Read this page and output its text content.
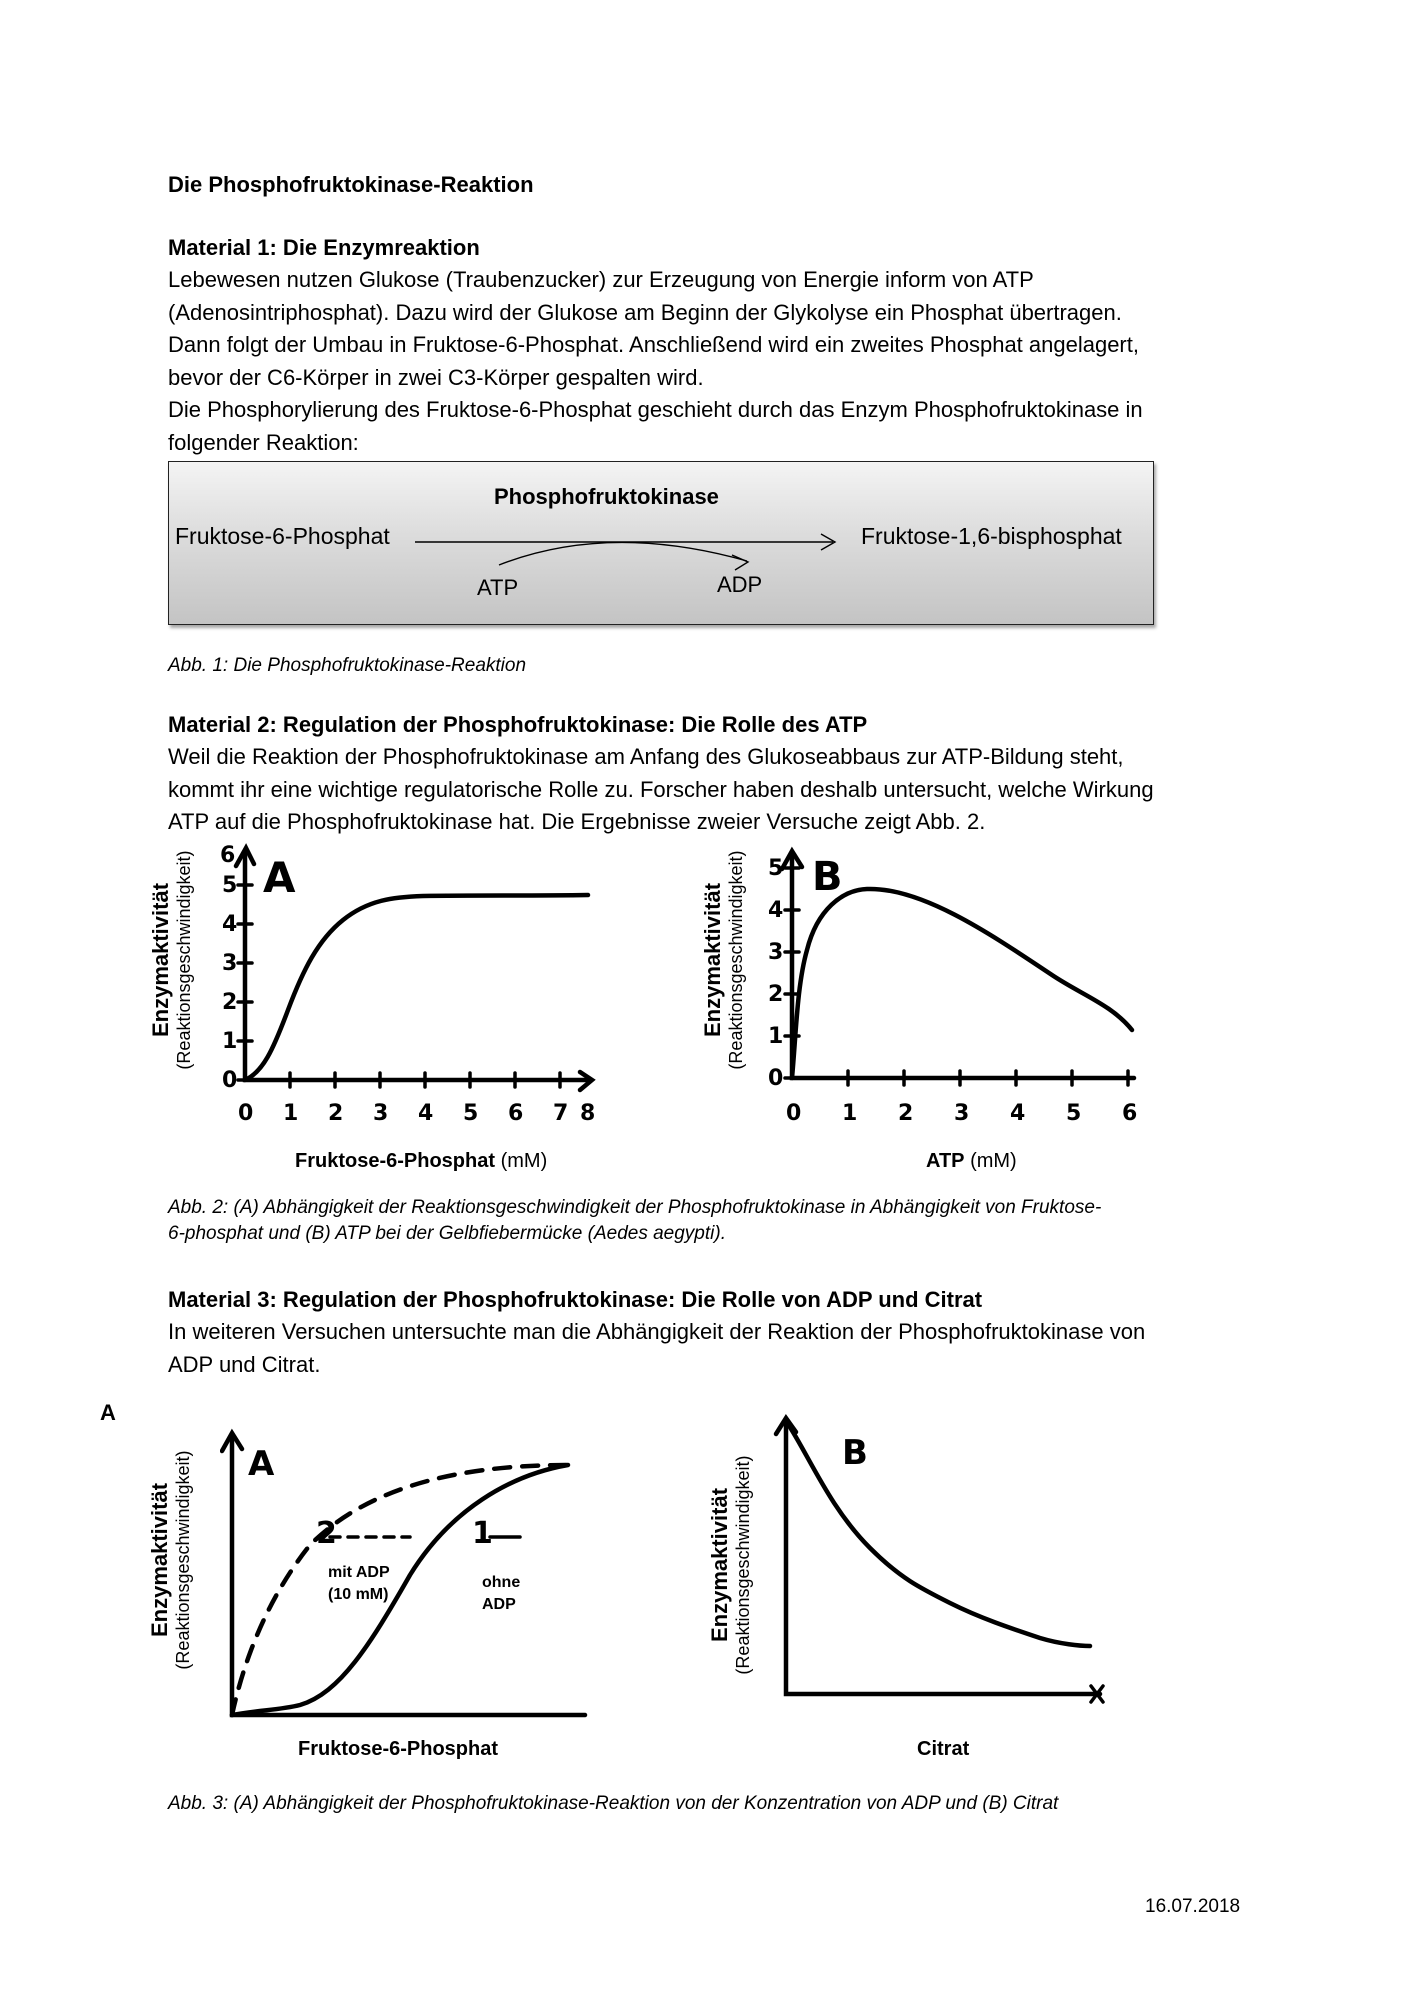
Die Phosphofruktokinase-Reaktion
Material 1: Die Enzymreaktion
Lebewesen nutzen Glukose (Traubenzucker) zur Erzeugung von Energie inform von ATP
(Adenosintriphosphat). Dazu wird der Glukose am Beginn der Glykolyse ein Phosphat übertragen.
Dann folgt der Umbau in Fruktose-6-Phosphat. Anschließend wird ein zweites Phosphat angelagert,
bevor der C6-Körper in zwei C3-Körper gespalten wird.
Die Phosphorylierung des Fruktose-6-Phosphat geschieht durch das Enzym Phosphofruktokinase in
folgender Reaktion:
Phosphofruktokinase
Fruktose-6-Phosphat	Fruktose-1,6-bisphosphat
ATP	ADP
Abb. 1: Die Phosphofruktokinase-Reaktion
Material 2: Regulation der Phosphofruktokinase: Die Rolle des ATP
Weil die Reaktion der Phosphofruktokinase am Anfang des Glukoseabbaus zur ATP-Bildung steht,
kommt ihr eine wichtige regulatorische Rolle zu. Forscher haben deshalb untersucht, welche Wirkung
ATP auf die Phosphofruktokinase hat. Die Ergebnisse zweier Versuche zeigt Abb. 2.
Enzymaktivität (Reaktionsgeschwindigkeit)
0
1
2
3
4
5
6
0 1 2 3 4 5 6 7 8
A
Fruktose-6-Phosphat (mM)
Enzymaktivität (Reaktionsgeschwindigkeit)
0
1
2
3
4
5
0 1 2 3 4 5 6
B
ATP (mM)
Abb. 2: (A) Abhängigkeit der Reaktionsgeschwindigkeit der Phosphofruktokinase in Abhängigkeit von Fruktose-
6-phosphat und (B) ATP bei der Gelbfiebermücke (Aedes aegypti).
Material 3: Regulation der Phosphofruktokinase: Die Rolle von ADP und Citrat
In weiteren Versuchen untersuchte man die Abhängigkeit der Reaktion der Phosphofruktokinase von
ADP und Citrat.
A
Enzymaktivität (Reaktionsgeschwindigkeit) A
2	1
mit ADP
(10 mM)
ohne
ADP
Fruktose-6-Phosphat
Enzymaktivität (Reaktionsgeschwindigkeit)
B
Citrat
Abb. 3: (A) Abhängigkeit der Phosphofruktokinase-Reaktion von der Konzentration von ADP und (B) Citrat
16.07.2018
